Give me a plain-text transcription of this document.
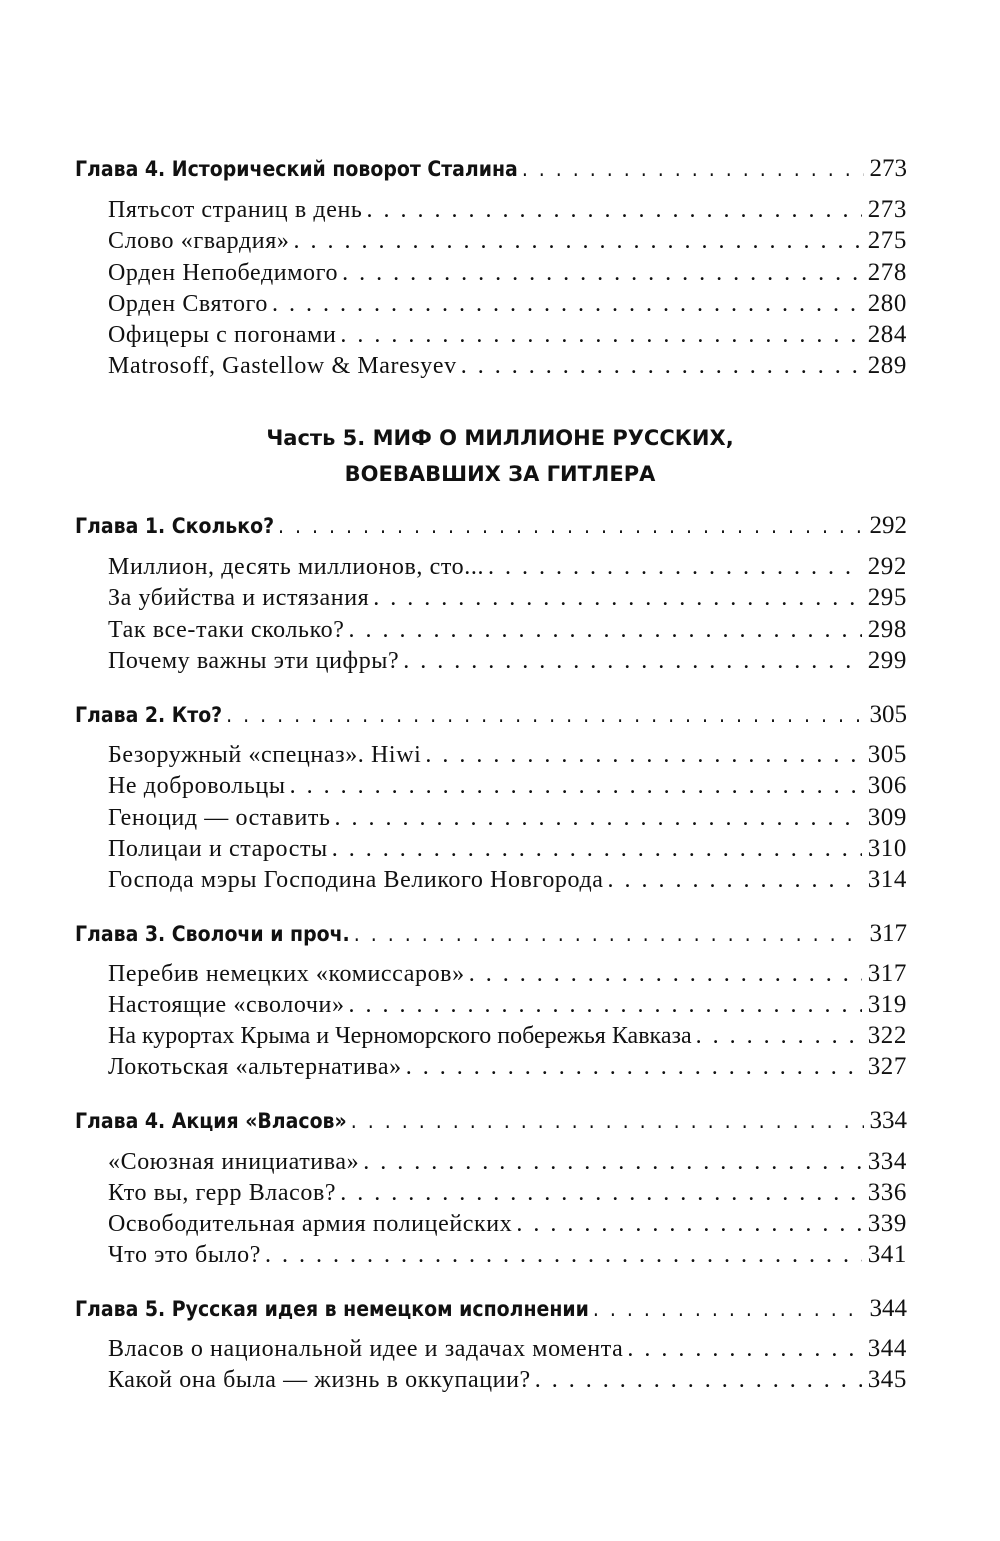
Глава 4. Исторический поворот Сталина . . .	273
Пятьсот страниц в день . . .	273
Слово «гвардия» . . .	275
Орден Непобедимого . . .	278
Орден Святого . . .	280
Офицеры с погонами . . .	284
Matrosoff, Gastellow & Maresyev . . .	289
Часть 5. МИФ О МИЛЛИОНЕ РУССКИХ,
ВОЕВАВШИХ ЗА ГИТЛЕРА
Глава 1. Сколько? . . .	292
Миллион, десять миллионов, сто... . . .	292
За убийства и истязания . . .	295
Так все-таки сколько? . . .	298
Почему важны эти цифры? . . .	299
Глава 2. Кто? . . .	305
Безоружный «спецназ». Hiwi . . .	305
Не добровольцы . . .	306
Геноцид — оставить . . .	309
Полицаи и старосты . . .	310
Господа мэры Господина Великого Новгорода . . .	314
Глава 3. Сволочи и проч. . . .	317
Перебив немецких «комиссаров» . . .	317
Настоящие «сволочи» . . .	319
На курортах Крыма и Черноморского побережья Кавказа . . .	322
Локотьская «альтернатива» . . .	327
Глава 4. Акция «Власов» . . .	334
«Союзная инициатива» . . .	334
Кто вы, герр Власов? . . .	336
Освободительная армия полицейских . . .	339
Что это было? . . .	341
Глава 5. Русская идея в немецком исполнении . . .	344
Власов о национальной идее и задачах момента . . .	344
Какой она была — жизнь в оккупации? . . .	345
